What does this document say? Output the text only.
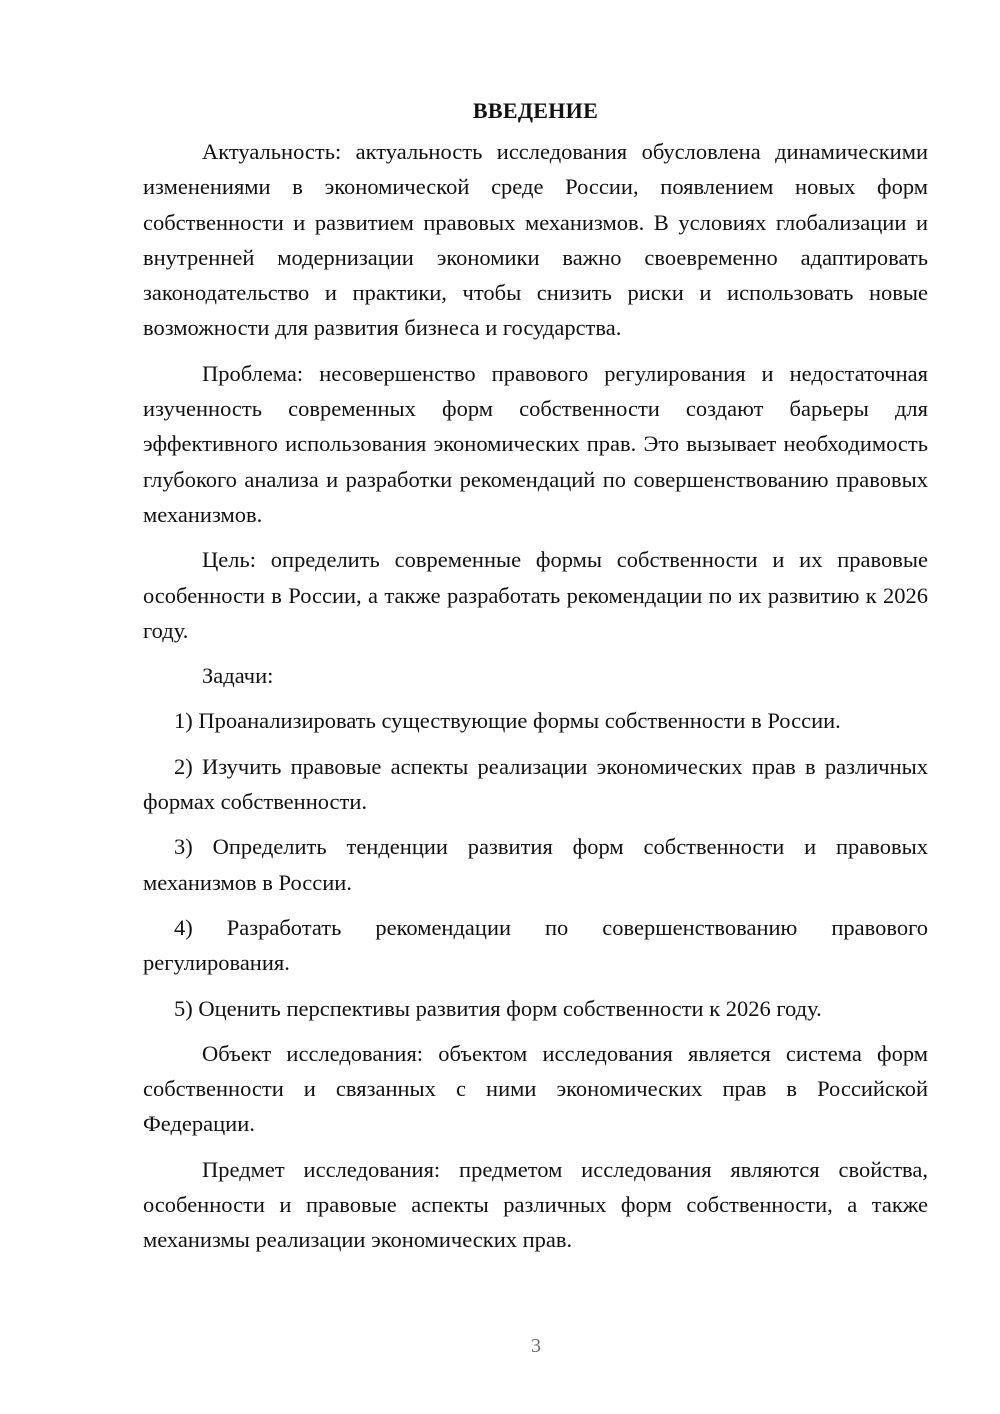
ВВЕДЕНИЕ

Актуальность: актуальность исследования обусловлена динамическими изменениями в экономической среде России, появлением новых форм собственности и развитием правовых механизмов. В условиях глобализации и внутренней модернизации экономики важно своевременно адаптировать законодательство и практики, чтобы снизить риски и использовать новые возможности для развития бизнеса и государства.

Проблема: несовершенство правового регулирования и недостаточная изученность современных форм собственности создают барьеры для эффективного использования экономических прав. Это вызывает необходимость глубокого анализа и разработки рекомендаций по совершенствованию правовых механизмов.

Цель: определить современные формы собственности и их правовые особенности в России, а также разработать рекомендации по их развитию к 2026 году.

Задачи:

1) Проанализировать существующие формы собственности в России.

2) Изучить правовые аспекты реализации экономических прав в различных формах собственности.

3) Определить тенденции развития форм собственности и правовых механизмов в России.

4) Разработать рекомендации по совершенствованию правового регулирования.

5) Оценить перспективы развития форм собственности к 2026 году.

Объект исследования: объектом исследования является система форм собственности и связанных с ними экономических прав в Российской Федерации.

Предмет исследования: предметом исследования являются свойства, особенности и правовые аспекты различных форм собственности, а также механизмы реализации экономических прав.

3
